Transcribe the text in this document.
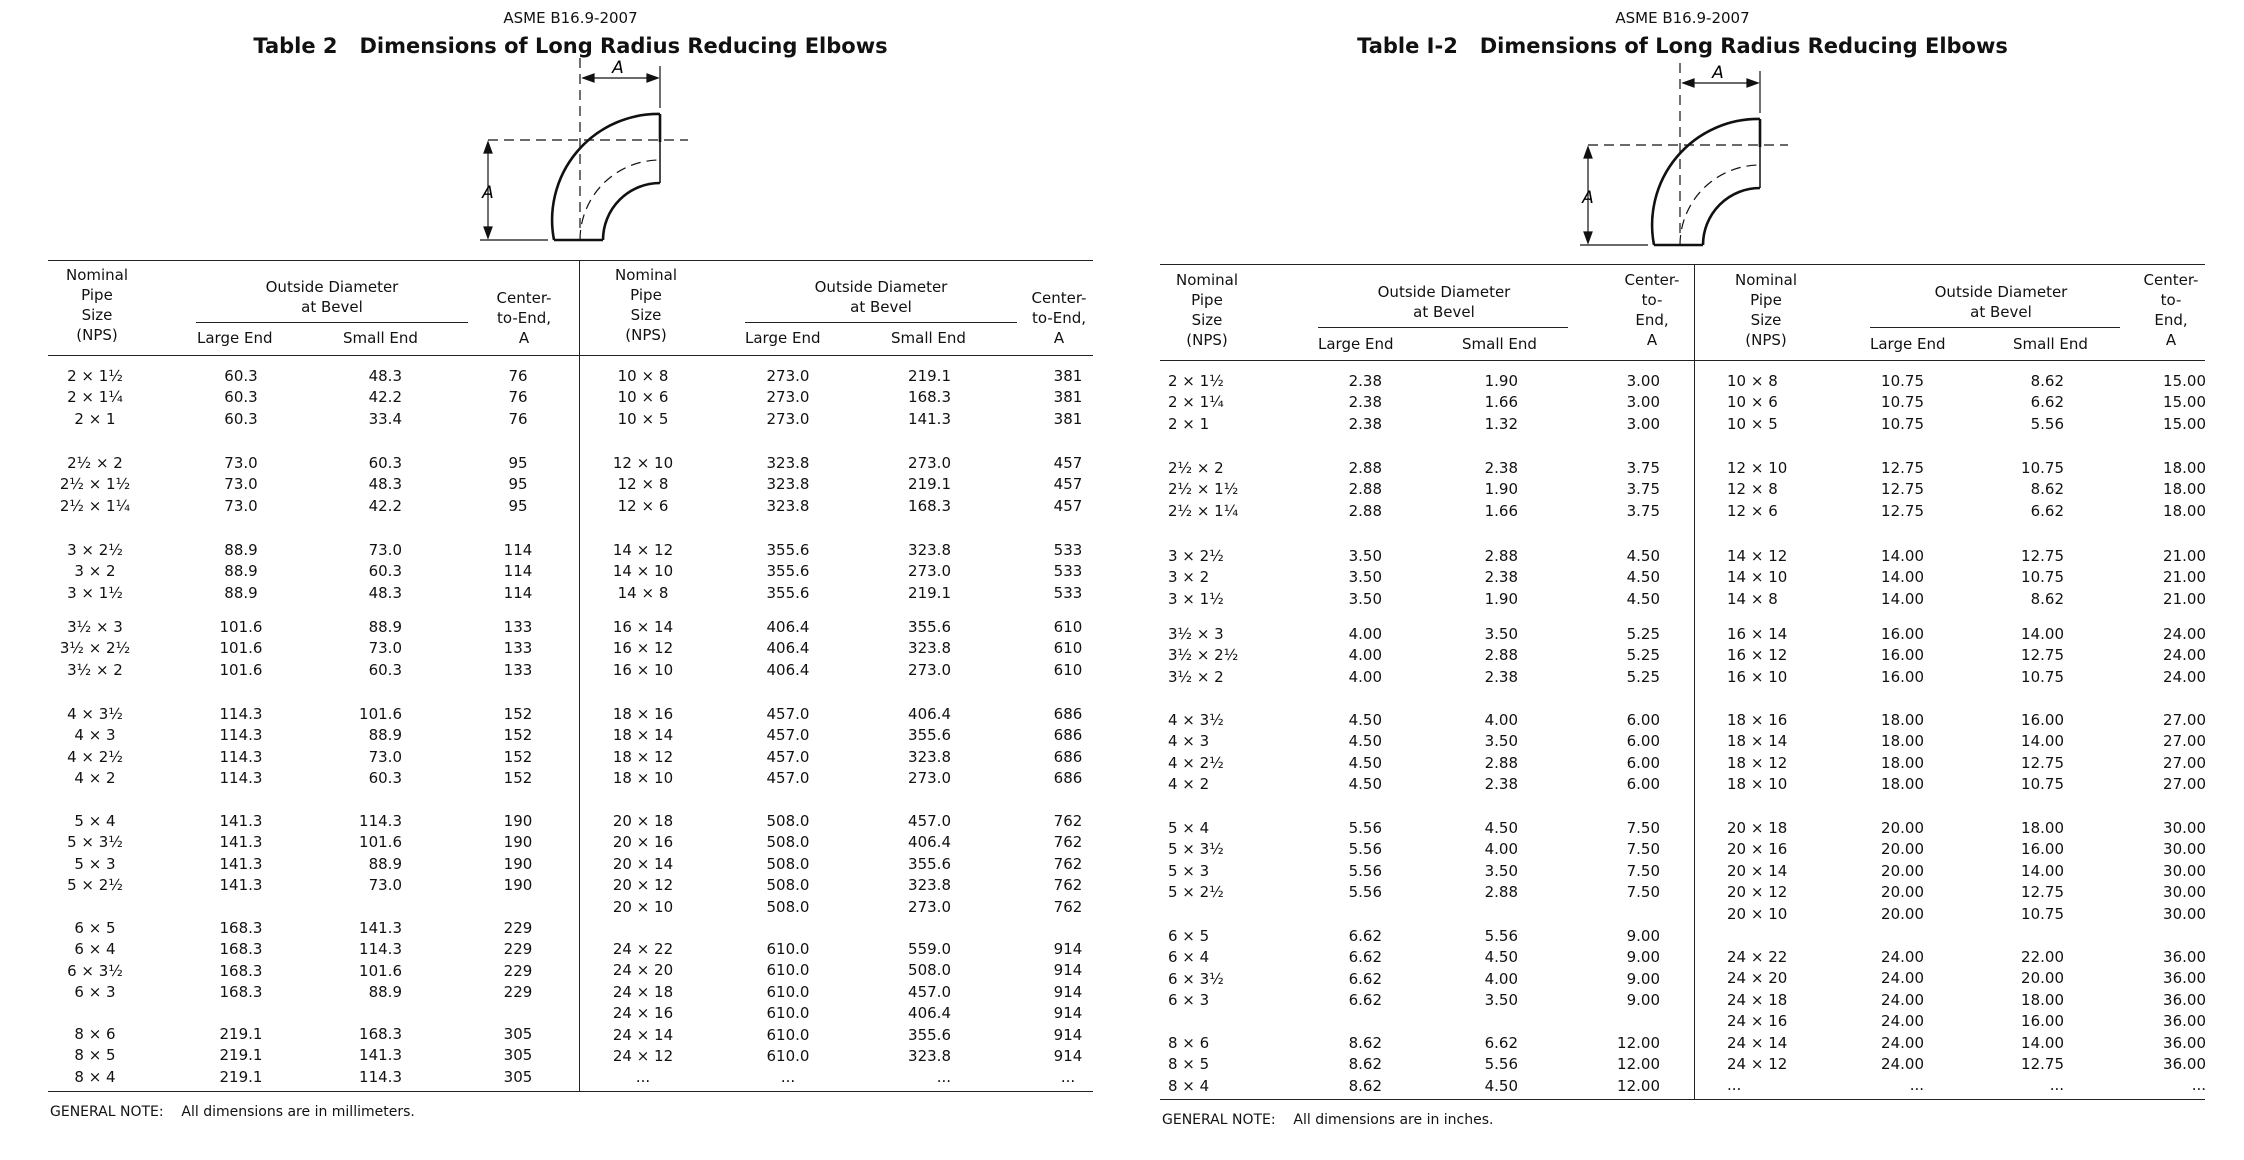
ASME B16.9-2007
Table 2   Dimensions of Long Radius Reducing Elbows
A
A
Nominal
Pipe
Size
(NPS)
Outside Diameter
at Bevel
Large End	Small End
Center-
to-End,
A
Nominal
Pipe
Size
(NPS)
Outside Diameter
at Bevel
Large End	Small End
Center-
to-End,
A
2 × 1½	60.3	48.3	76
2 × 1¼	60.3	42.2	76
2 × 1	60.3	33.4	76
2½ × 2	73.0	60.3	95
2½ × 1½	73.0	48.3	95
2½ × 1¼	73.0	42.2	95
3 × 2½	88.9	73.0	114
3 × 2	88.9	60.3	114
3 × 1½	88.9	48.3	114
3½ × 3	101.6	88.9	133
3½ × 2½	101.6	73.0	133
3½ × 2	101.6	60.3	133
4 × 3½	114.3	101.6	152
4 × 3	114.3	88.9	152
4 × 2½	114.3	73.0	152
4 × 2	114.3	60.3	152
5 × 4	141.3	114.3	190
5 × 3½	141.3	101.6	190
5 × 3	141.3	88.9	190
5 × 2½	141.3	73.0	190
6 × 5	168.3	141.3	229
6 × 4	168.3	114.3	229
6 × 3½	168.3	101.6	229
6 × 3	168.3	88.9	229
8 × 6	219.1	168.3	305
8 × 5	219.1	141.3	305
8 × 4	219.1	114.3	305
10 × 8	273.0	219.1	381
10 × 6	273.0	168.3	381
10 × 5	273.0	141.3	381
12 × 10	323.8	273.0	457
12 × 8	323.8	219.1	457
12 × 6	323.8	168.3	457
14 × 12	355.6	323.8	533
14 × 10	355.6	273.0	533
14 × 8	355.6	219.1	533
16 × 14	406.4	355.6	610
16 × 12	406.4	323.8	610
16 × 10	406.4	273.0	610
18 × 16	457.0	406.4	686
18 × 14	457.0	355.6	686
18 × 12	457.0	323.8	686
18 × 10	457.0	273.0	686
20 × 18	508.0	457.0	762
20 × 16	508.0	406.4	762
20 × 14	508.0	355.6	762
20 × 12	508.0	323.8	762
20 × 10	508.0	273.0	762
24 × 22	610.0	559.0	914
24 × 20	610.0	508.0	914
24 × 18	610.0	457.0	914
24 × 16	610.0	406.4	914
24 × 14	610.0	355.6	914
24 × 12	610.0	323.8	914
...	...	...	...
GENERAL NOTE:    All dimensions are in millimeters.
ASME B16.9-2007
Table I-2   Dimensions of Long Radius Reducing Elbows
A
A
Nominal
Pipe
Size
(NPS)
Outside Diameter
at Bevel
Large End	Small End
Center-
to-
End,
A
Nominal
Pipe
Size
(NPS)
Outside Diameter
at Bevel
Large End	Small End
Center-
to-
End,
A
2 × 1½	2.38	1.90	3.00
2 × 1¼	2.38	1.66	3.00
2 × 1	2.38	1.32	3.00
2½ × 2	2.88	2.38	3.75
2½ × 1½	2.88	1.90	3.75
2½ × 1¼	2.88	1.66	3.75
3 × 2½	3.50	2.88	4.50
3 × 2	3.50	2.38	4.50
3 × 1½	3.50	1.90	4.50
3½ × 3	4.00	3.50	5.25
3½ × 2½	4.00	2.88	5.25
3½ × 2	4.00	2.38	5.25
4 × 3½	4.50	4.00	6.00
4 × 3	4.50	3.50	6.00
4 × 2½	4.50	2.88	6.00
4 × 2	4.50	2.38	6.00
5 × 4	5.56	4.50	7.50
5 × 3½	5.56	4.00	7.50
5 × 3	5.56	3.50	7.50
5 × 2½	5.56	2.88	7.50
6 × 5	6.62	5.56	9.00
6 × 4	6.62	4.50	9.00
6 × 3½	6.62	4.00	9.00
6 × 3	6.62	3.50	9.00
8 × 6	8.62	6.62	12.00
8 × 5	8.62	5.56	12.00
8 × 4	8.62	4.50	12.00
10 × 8	10.75	8.62	15.00
10 × 6	10.75	6.62	15.00
10 × 5	10.75	5.56	15.00
12 × 10	12.75	10.75	18.00
12 × 8	12.75	8.62	18.00
12 × 6	12.75	6.62	18.00
14 × 12	14.00	12.75	21.00
14 × 10	14.00	10.75	21.00
14 × 8	14.00	8.62	21.00
16 × 14	16.00	14.00	24.00
16 × 12	16.00	12.75	24.00
16 × 10	16.00	10.75	24.00
18 × 16	18.00	16.00	27.00
18 × 14	18.00	14.00	27.00
18 × 12	18.00	12.75	27.00
18 × 10	18.00	10.75	27.00
20 × 18	20.00	18.00	30.00
20 × 16	20.00	16.00	30.00
20 × 14	20.00	14.00	30.00
20 × 12	20.00	12.75	30.00
20 × 10	20.00	10.75	30.00
24 × 22	24.00	22.00	36.00
24 × 20	24.00	20.00	36.00
24 × 18	24.00	18.00	36.00
24 × 16	24.00	16.00	36.00
24 × 14	24.00	14.00	36.00
24 × 12	24.00	12.75	36.00
...	...	...	...
GENERAL NOTE:    All dimensions are in inches.
